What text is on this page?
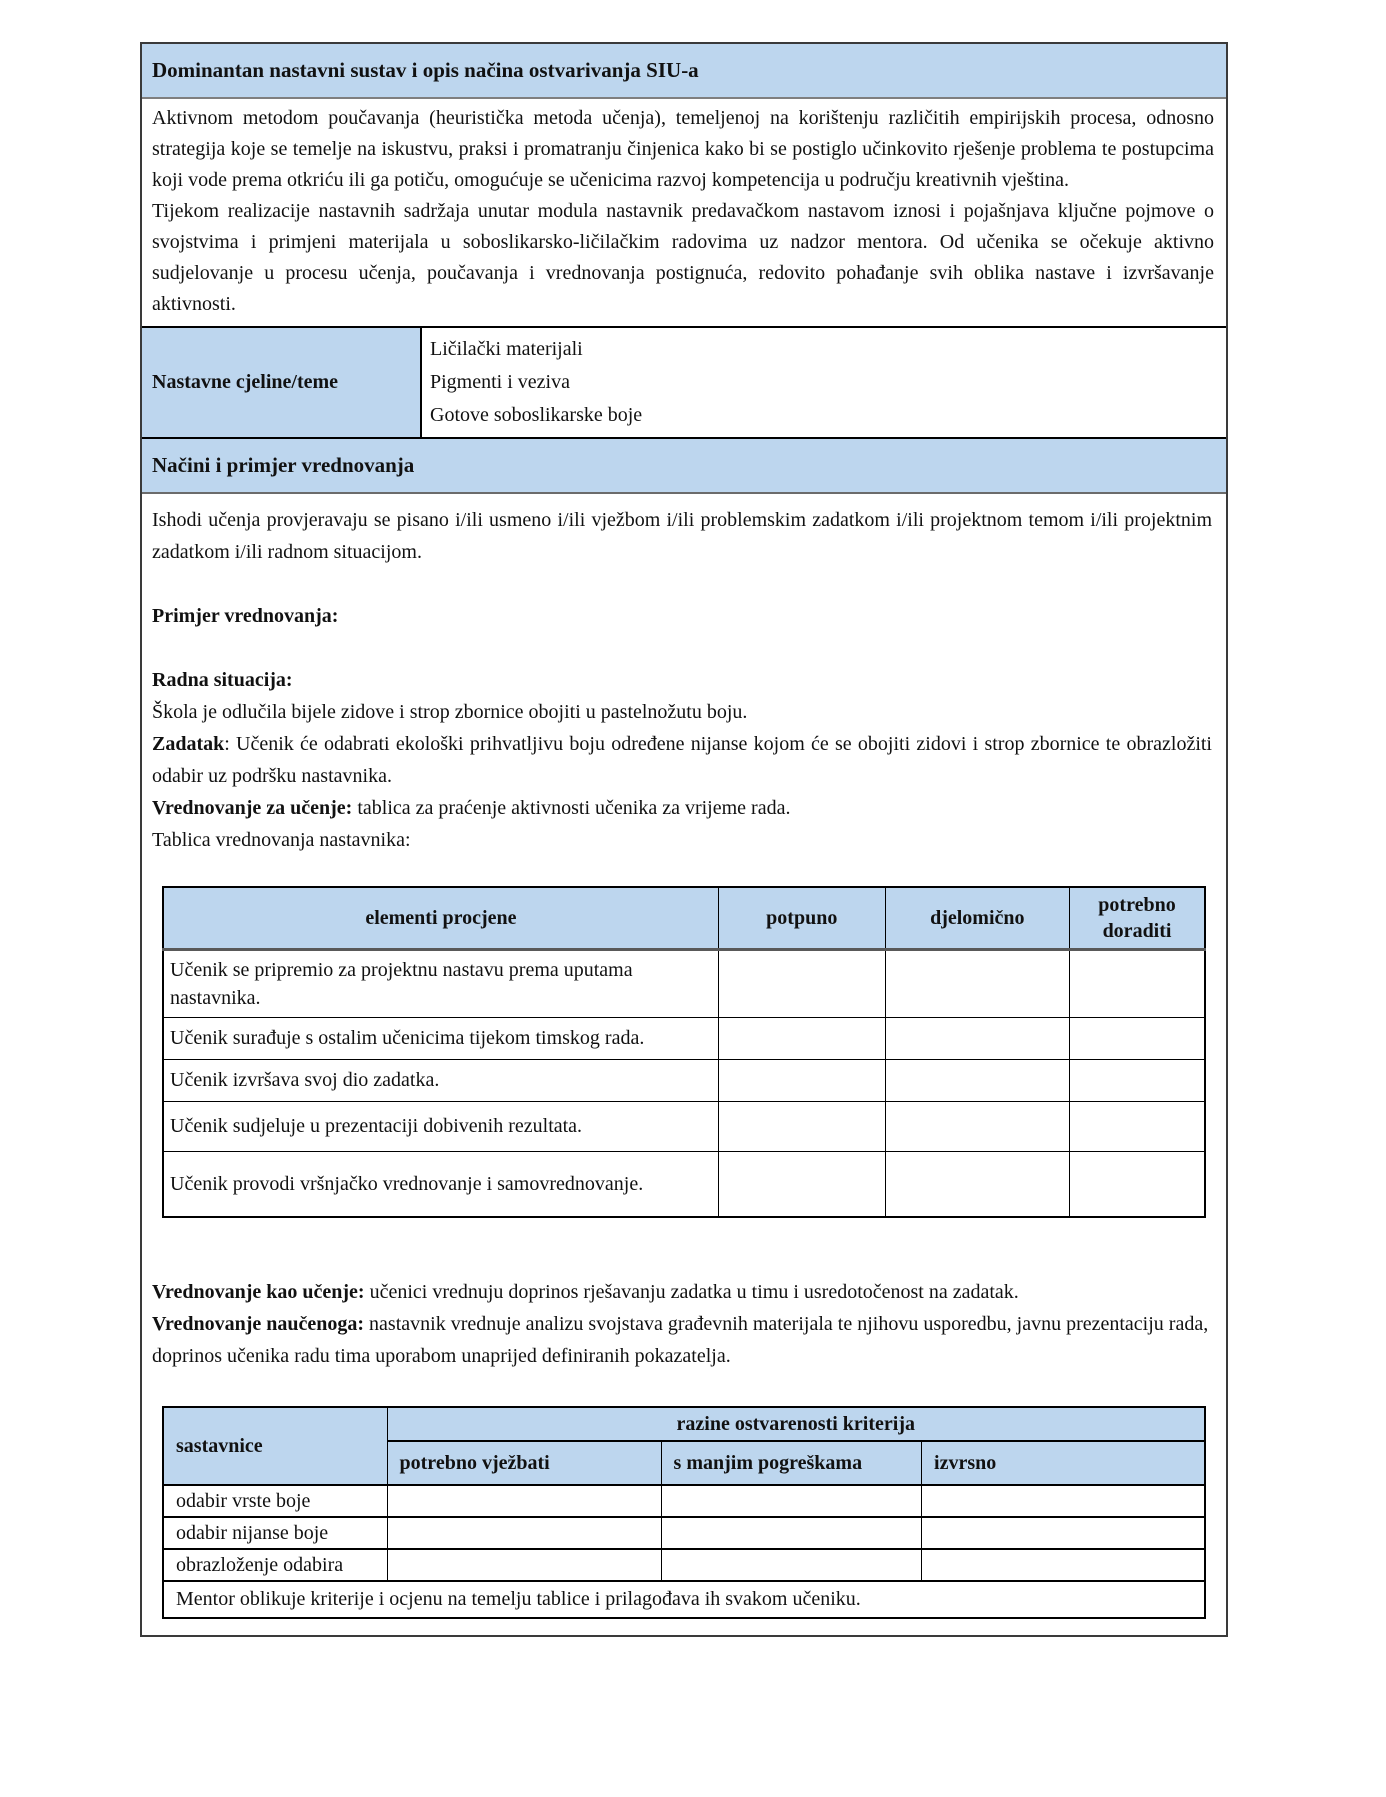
Dominantan nastavni sustav i opis načina ostvarivanja SIU-a

Aktivnom metodom poučavanja (heuristička metoda učenja), temeljenoj na korištenju različitih empirijskih procesa, odnosno strategija koje se temelje na iskustvu, praksi i promatranju činjenica kako bi se postiglo učinkovito rješenje problema te postupcima koji vode prema otkriću ili ga potiču, omogućuje se učenicima razvoj kompetencija u području kreativnih vještina.

Tijekom realizacije nastavnih sadržaja unutar modula nastavnik predavačkom nastavom iznosi i pojašnjava ključne pojmove o svojstvima i primjeni materijala u soboslikarsko-ličilačkim radovima uz nadzor mentora. Od učenika se očekuje aktivno sudjelovanje u procesu učenja, poučavanja i vrednovanja postignuća, redovito pohađanje svih oblika nastave i izvršavanje aktivnosti.

Nastavne cjeline/teme
Ličilački materijali
Pigmenti i veziva
Gotove soboslikarske boje
Načini i primjer vrednovanja

Ishodi učenja provjeravaju se pisano i/ili usmeno i/ili vježbom i/ili problemskim zadatkom i/ili projektnom temom i/ili projektnim zadatkom i/ili radnom situacijom.

Primjer vrednovanja:

Radna situacija:

Škola je odlučila bijele zidove i strop zbornice obojiti u pastelnožutu boju.

Zadatak: Učenik će odabrati ekološki prihvatljivu boju određene nijanse kojom će se obojiti zidovi i strop zbornice te obrazložiti odabir uz podršku nastavnika.

Vrednovanje za učenje: tablica za praćenje aktivnosti učenika za vrijeme rada.

Tablica vrednovanja nastavnika:

elementi procjene	potpuno	djelomično	potrebno doraditi
Učenik se pripremio za projektnu nastavu prema uputama nastavnika.			
Učenik surađuje s ostalim učenicima tijekom timskog rada.			
Učenik izvršava svoj dio zadatka.			
Učenik sudjeluje u prezentaciji dobivenih rezultata.			
Učenik provodi vršnjačko vrednovanje i samovrednovanje.			

Vrednovanje kao učenje: učenici vrednuju doprinos rješavanju zadatka u timu i usredotočenost na zadatak.

Vrednovanje naučenoga: nastavnik vrednuje analizu svojstava građevnih materijala te njihovu usporedbu, javnu prezentaciju rada, doprinos učenika radu tima uporabom unaprijed definiranih pokazatelja.

sastavnice	razine ostvarenosti kriterija		
	potrebno vježbati	s manjim pogreškama	izvrsno
odabir vrste boje			
odabir nijanse boje			
obrazloženje odabira			
Mentor oblikuje kriterije i ocjenu na temelju tablice i prilagođava ih svakom učeniku.			
